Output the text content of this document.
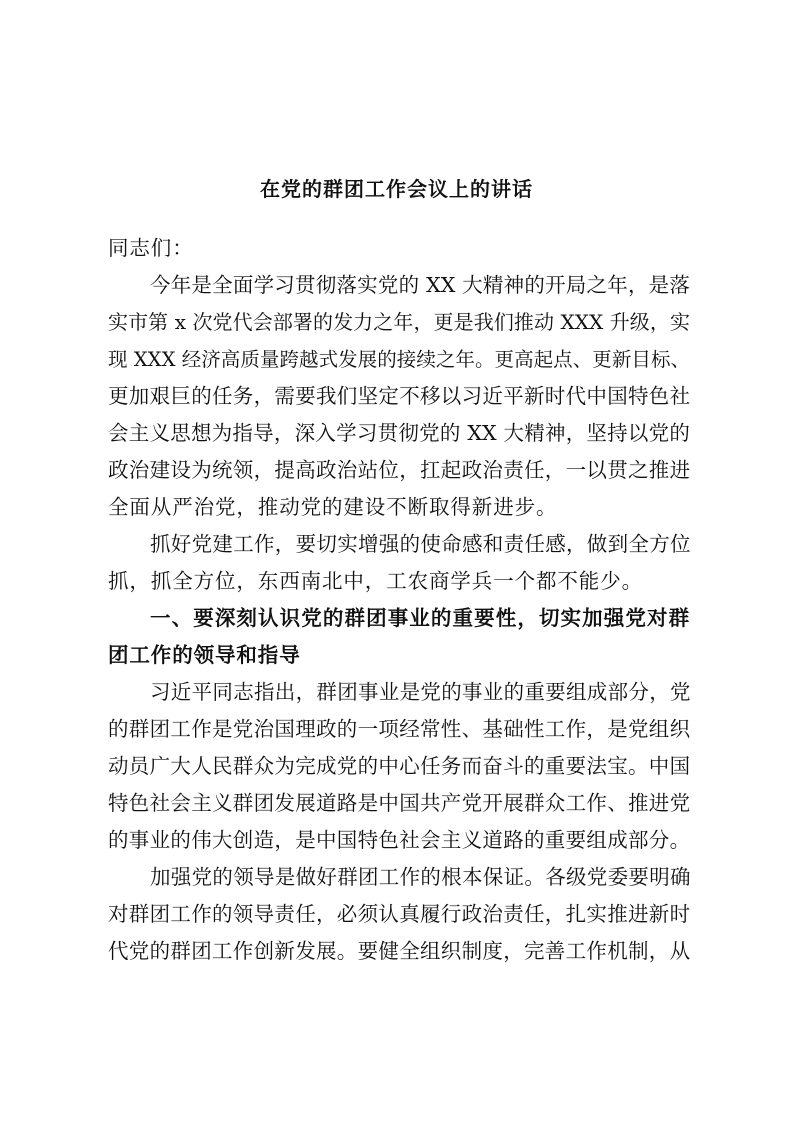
在党的群团工作会议上的讲话

同志们：

今年是全面学习贯彻落实党的 XX 大精神的开局之年，是落
实市第 x 次党代会部署的发力之年，更是我们推动 XXX 升级，实
现 XXX 经济高质量跨越式发展的接续之年。更高起点、更新目标、
更加艰巨的任务，需要我们坚定不移以习近平新时代中国特色社
会主义思想为指导，深入学习贯彻党的 XX 大精神，坚持以党的
政治建设为统领，提高政治站位，扛起政治责任，一以贯之推进
全面从严治党，推动党的建设不断取得新进步。

抓好党建工作，要切实增强的使命感和责任感，做到全方位
抓，抓全方位，东西南北中，工农商学兵一个都不能少。

一、要深刻认识党的群团事业的重要性，切实加强党对群
团工作的领导和指导

习近平同志指出，群团事业是党的事业的重要组成部分，党
的群团工作是党治国理政的一项经常性、基础性工作，是党组织
动员广大人民群众为完成党的中心任务而奋斗的重要法宝。中国
特色社会主义群团发展道路是中国共产党开展群众工作、推进党
的事业的伟大创造，是中国特色社会主义道路的重要组成部分。

加强党的领导是做好群团工作的根本保证。各级党委要明确
对群团工作的领导责任，必须认真履行政治责任，扎实推进新时
代党的群团工作创新发展。要健全组织制度，完善工作机制，从
